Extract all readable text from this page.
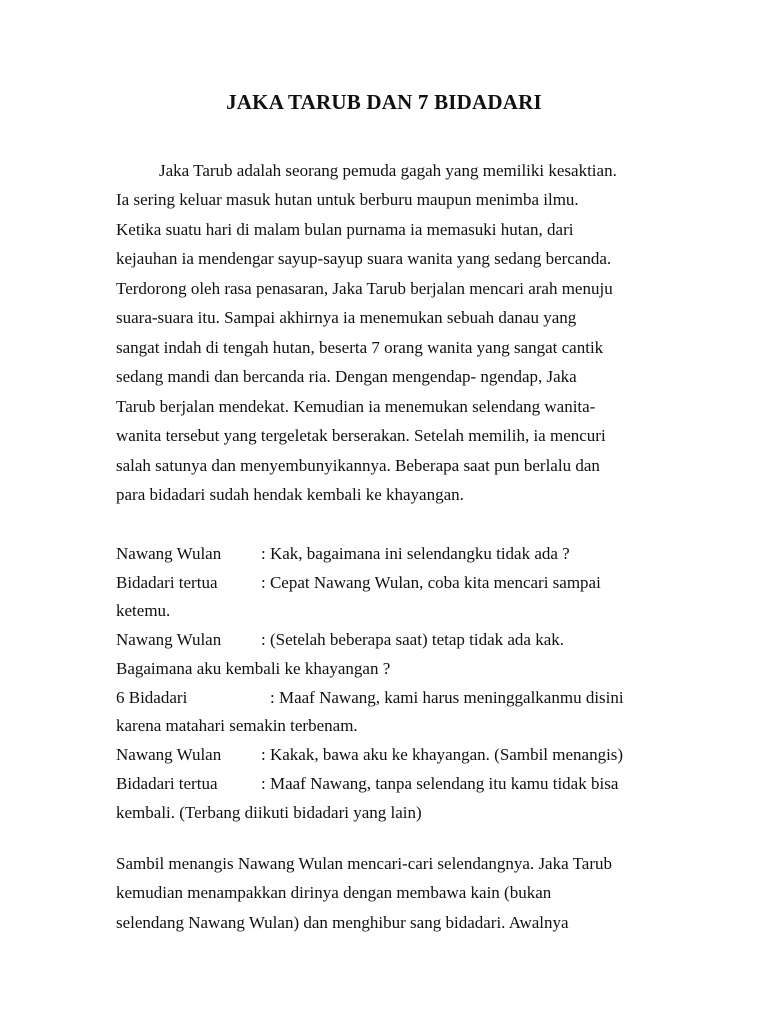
JAKA TARUB DAN 7 BIDADARI
Jaka Tarub adalah seorang pemuda gagah yang memiliki kesaktian.
Ia sering keluar masuk hutan untuk berburu maupun menimba ilmu.
Ketika suatu hari di malam bulan purnama ia memasuki hutan, dari
kejauhan ia mendengar sayup-sayup suara wanita yang sedang bercanda.
Terdorong oleh rasa penasaran, Jaka Tarub berjalan mencari arah menuju
suara-suara itu. Sampai akhirnya ia menemukan sebuah danau yang
sangat indah di tengah hutan, beserta 7 orang wanita yang sangat cantik
sedang mandi dan bercanda ria. Dengan mengendap- ngendap, Jaka
Tarub berjalan mendekat. Kemudian ia menemukan selendang wanita-
wanita tersebut yang tergeletak berserakan. Setelah memilih, ia mencuri
salah satunya dan menyembunyikannya. Beberapa saat pun berlalu dan
para bidadari sudah hendak kembali ke khayangan.
Nawang Wulan : Kak, bagaimana ini selendangku tidak ada ?
Bidadari tertua	: Cepat Nawang Wulan, coba kita mencari sampai
ketemu.
Nawang Wulan : (Setelah beberapa saat) tetap tidak ada kak.
Bagaimana aku kembali ke khayangan ?
6 Bidadari	: Maaf Nawang, kami harus meninggalkanmu disini
karena matahari semakin terbenam.
Nawang Wulan : Kakak, bawa aku ke khayangan. (Sambil menangis)
Bidadari tertua	: Maaf Nawang, tanpa selendang itu kamu tidak bisa
kembali. (Terbang diikuti bidadari yang lain)
Sambil menangis Nawang Wulan mencari-cari selendangnya. Jaka Tarub
kemudian menampakkan dirinya dengan membawa kain (bukan
selendang Nawang Wulan) dan menghibur sang bidadari. Awalnya
